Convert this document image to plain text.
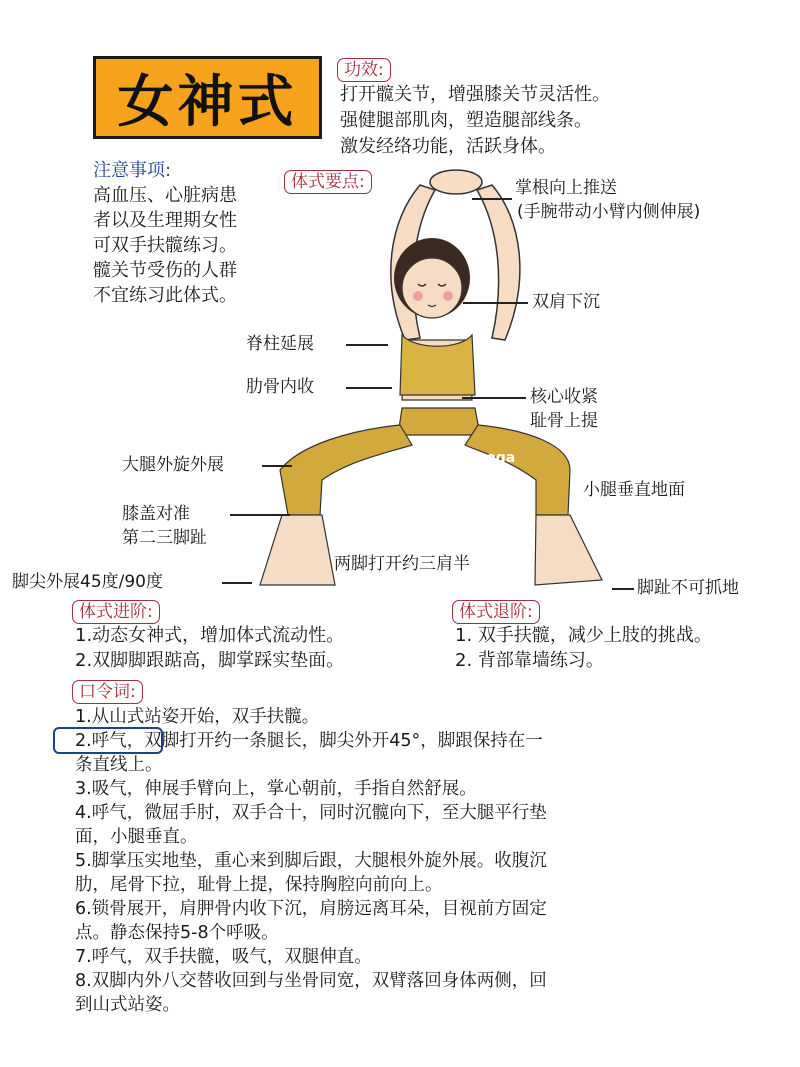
女神式	功效:
打开髋关节，增强膝关节灵活性。
强健腿部肌肉，塑造腿部线条。
激发经络功能，活跃身体。
注意事项:
高血压、心脏病患
者以及生理期女性
可双手扶髋练习。
髋关节受伤的人群
不宜练习此体式。
体式要点:
@吉塔yoga
掌根向上推送
(手腕带动小臂内侧伸展)
双肩下沉
脊柱延展
肋骨内收	核心收紧
耻骨上提
大腿外旋外展
小腿垂直地面
膝盖对准
第二三脚趾
两脚打开约三肩半
脚尖外展45度/90度	脚趾不可抓地
体式进阶:
1.动态女神式，增加体式流动性。
2.双脚脚跟踮高，脚掌踩实垫面。
体式退阶:
1. 双手扶髋，减少上肢的挑战。
2. 背部靠墙练习。
口令词:
1.从山式站姿开始，双手扶髋。
2.呼气，双脚打开约一条腿长，脚尖外开45°，脚跟保持在一
条直线上。
3.吸气，伸展手臂向上，掌心朝前，手指自然舒展。
4.呼气，微屈手肘，双手合十，同时沉髋向下，至大腿平行垫
面，小腿垂直。
5.脚掌压实地垫，重心来到脚后跟，大腿根外旋外展。收腹沉
肋，尾骨下拉，耻骨上提，保持胸腔向前向上。
6.锁骨展开，肩胛骨内收下沉，肩膀远离耳朵，目视前方固定
点。静态保持5-8个呼吸。
7.呼气，双手扶髋，吸气，双腿伸直。
8.双脚内外八交替收回到与坐骨同宽，双臂落回身体两侧，回
到山式站姿。
